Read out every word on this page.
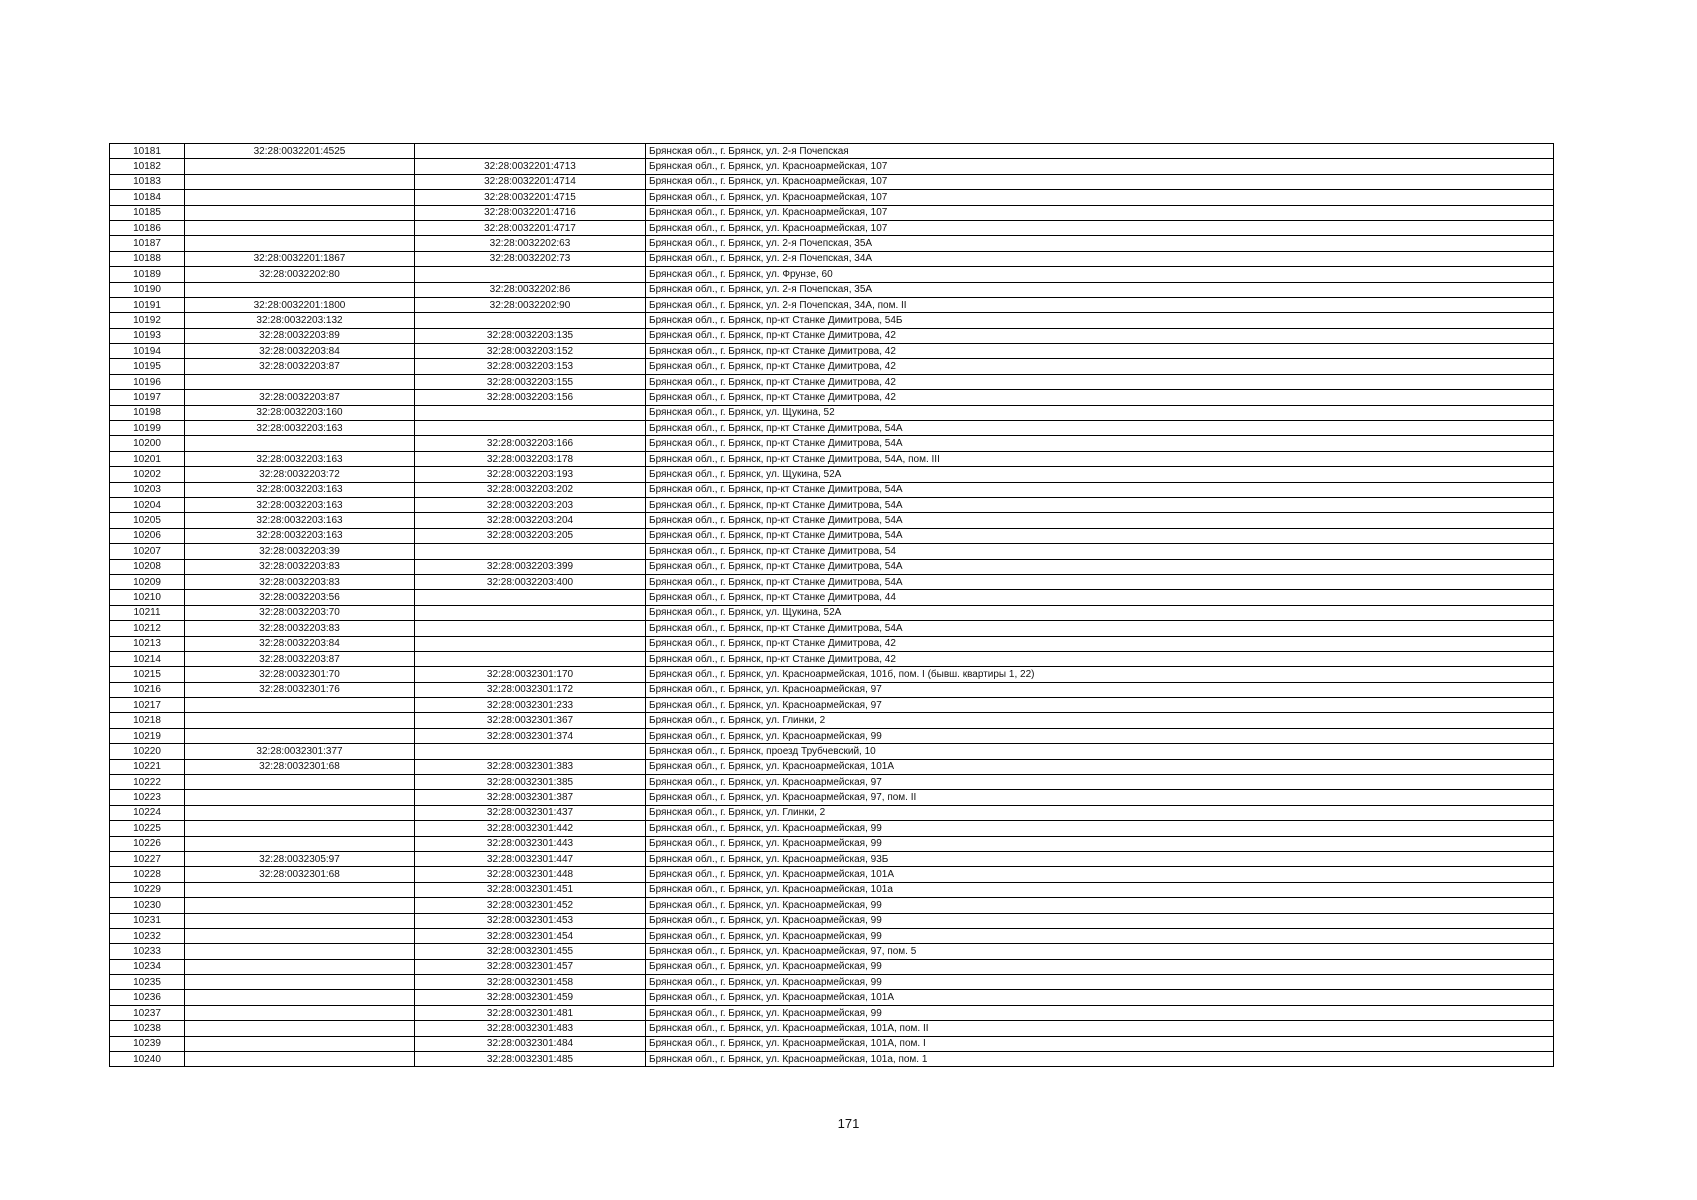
10181	32:28:0032201:4525		Брянская обл., г. Брянск, ул. 2-я Почепская
10182		32:28:0032201:4713	Брянская обл., г. Брянск, ул. Красноармейская, 107
10183		32:28:0032201:4714	Брянская обл., г. Брянск, ул. Красноармейская, 107
10184		32:28:0032201:4715	Брянская обл., г. Брянск, ул. Красноармейская, 107
10185		32:28:0032201:4716	Брянская обл., г. Брянск, ул. Красноармейская, 107
10186		32:28:0032201:4717	Брянская обл., г. Брянск, ул. Красноармейская, 107
10187		32:28:0032202:63	Брянская обл., г. Брянск, ул. 2-я Почепская, 35А
10188	32:28:0032201:1867	32:28:0032202:73	Брянская обл., г. Брянск, ул. 2-я Почепская, 34А
10189	32:28:0032202:80		Брянская обл., г. Брянск, ул. Фрунзе, 60
10190		32:28:0032202:86	Брянская обл., г. Брянск, ул. 2-я Почепская, 35А
10191	32:28:0032201:1800	32:28:0032202:90	Брянская обл., г. Брянск, ул. 2-я Почепская, 34А, пом. II
10192	32:28:0032203:132		Брянская обл., г. Брянск, пр-кт Станке Димитрова, 54Б
10193	32:28:0032203:89	32:28:0032203:135	Брянская обл., г. Брянск, пр-кт Станке Димитрова, 42
10194	32:28:0032203:84	32:28:0032203:152	Брянская обл., г. Брянск, пр-кт Станке Димитрова, 42
10195	32:28:0032203:87	32:28:0032203:153	Брянская обл., г. Брянск, пр-кт Станке Димитрова, 42
10196		32:28:0032203:155	Брянская обл., г. Брянск, пр-кт Станке Димитрова, 42
10197	32:28:0032203:87	32:28:0032203:156	Брянская обл., г. Брянск, пр-кт Станке Димитрова, 42
10198	32:28:0032203:160		Брянская обл., г. Брянск, ул. Щукина, 52
10199	32:28:0032203:163		Брянская обл., г. Брянск, пр-кт Станке Димитрова, 54А
10200		32:28:0032203:166	Брянская обл., г. Брянск, пр-кт Станке Димитрова, 54А
10201	32:28:0032203:163	32:28:0032203:178	Брянская обл., г. Брянск, пр-кт Станке Димитрова, 54А, пом. III
10202	32:28:0032203:72	32:28:0032203:193	Брянская обл., г. Брянск, ул. Щукина, 52А
10203	32:28:0032203:163	32:28:0032203:202	Брянская обл., г. Брянск, пр-кт Станке Димитрова, 54А
10204	32:28:0032203:163	32:28:0032203:203	Брянская обл., г. Брянск, пр-кт Станке Димитрова, 54А
10205	32:28:0032203:163	32:28:0032203:204	Брянская обл., г. Брянск, пр-кт Станке Димитрова, 54А
10206	32:28:0032203:163	32:28:0032203:205	Брянская обл., г. Брянск, пр-кт Станке Димитрова, 54А
10207	32:28:0032203:39		Брянская обл., г. Брянск, пр-кт Станке Димитрова, 54
10208	32:28:0032203:83	32:28:0032203:399	Брянская обл., г. Брянск, пр-кт Станке Димитрова, 54А
10209	32:28:0032203:83	32:28:0032203:400	Брянская обл., г. Брянск, пр-кт Станке Димитрова, 54А
10210	32:28:0032203:56		Брянская обл., г. Брянск, пр-кт Станке Димитрова, 44
10211	32:28:0032203:70		Брянская обл., г. Брянск, ул. Щукина, 52А
10212	32:28:0032203:83		Брянская обл., г. Брянск, пр-кт Станке Димитрова, 54А
10213	32:28:0032203:84		Брянская обл., г. Брянск, пр-кт Станке Димитрова, 42
10214	32:28:0032203:87		Брянская обл., г. Брянск, пр-кт Станке Димитрова, 42
10215	32:28:0032301:70	32:28:0032301:170	Брянская обл., г. Брянск, ул. Красноармейская, 101б, пом. I (бывш. квартиры 1, 22)
10216	32:28:0032301:76	32:28:0032301:172	Брянская обл., г. Брянск, ул. Красноармейская, 97
10217		32:28:0032301:233	Брянская обл., г. Брянск, ул. Красноармейская, 97
10218		32:28:0032301:367	Брянская обл., г. Брянск, ул. Глинки, 2
10219		32:28:0032301:374	Брянская обл., г. Брянск, ул. Красноармейская, 99
10220	32:28:0032301:377		Брянская обл., г. Брянск, проезд Трубчевский, 10
10221	32:28:0032301:68	32:28:0032301:383	Брянская обл., г. Брянск, ул. Красноармейская, 101А
10222		32:28:0032301:385	Брянская обл., г. Брянск, ул. Красноармейская, 97
10223		32:28:0032301:387	Брянская обл., г. Брянск, ул. Красноармейская, 97, пом. II
10224		32:28:0032301:437	Брянская обл., г. Брянск, ул. Глинки, 2
10225		32:28:0032301:442	Брянская обл., г. Брянск, ул. Красноармейская, 99
10226		32:28:0032301:443	Брянская обл., г. Брянск, ул. Красноармейская, 99
10227	32:28:0032305:97	32:28:0032301:447	Брянская обл., г. Брянск, ул. Красноармейская, 93Б
10228	32:28:0032301:68	32:28:0032301:448	Брянская обл., г. Брянск, ул. Красноармейская, 101А
10229		32:28:0032301:451	Брянская обл., г. Брянск, ул. Красноармейская, 101а
10230		32:28:0032301:452	Брянская обл., г. Брянск, ул. Красноармейская, 99
10231		32:28:0032301:453	Брянская обл., г. Брянск, ул. Красноармейская, 99
10232		32:28:0032301:454	Брянская обл., г. Брянск, ул. Красноармейская, 99
10233		32:28:0032301:455	Брянская обл., г. Брянск, ул. Красноармейская, 97, пом. 5
10234		32:28:0032301:457	Брянская обл., г. Брянск, ул. Красноармейская, 99
10235		32:28:0032301:458	Брянская обл., г. Брянск, ул. Красноармейская, 99
10236		32:28:0032301:459	Брянская обл., г. Брянск, ул. Красноармейская, 101А
10237		32:28:0032301:481	Брянская обл., г. Брянск, ул. Красноармейская, 99
10238		32:28:0032301:483	Брянская обл., г. Брянск, ул. Красноармейская, 101А, пом. II
10239		32:28:0032301:484	Брянская обл., г. Брянск, ул. Красноармейская, 101А, пом. I
10240		32:28:0032301:485	Брянская обл., г. Брянск, ул. Красноармейская, 101а, пом. 1
171
